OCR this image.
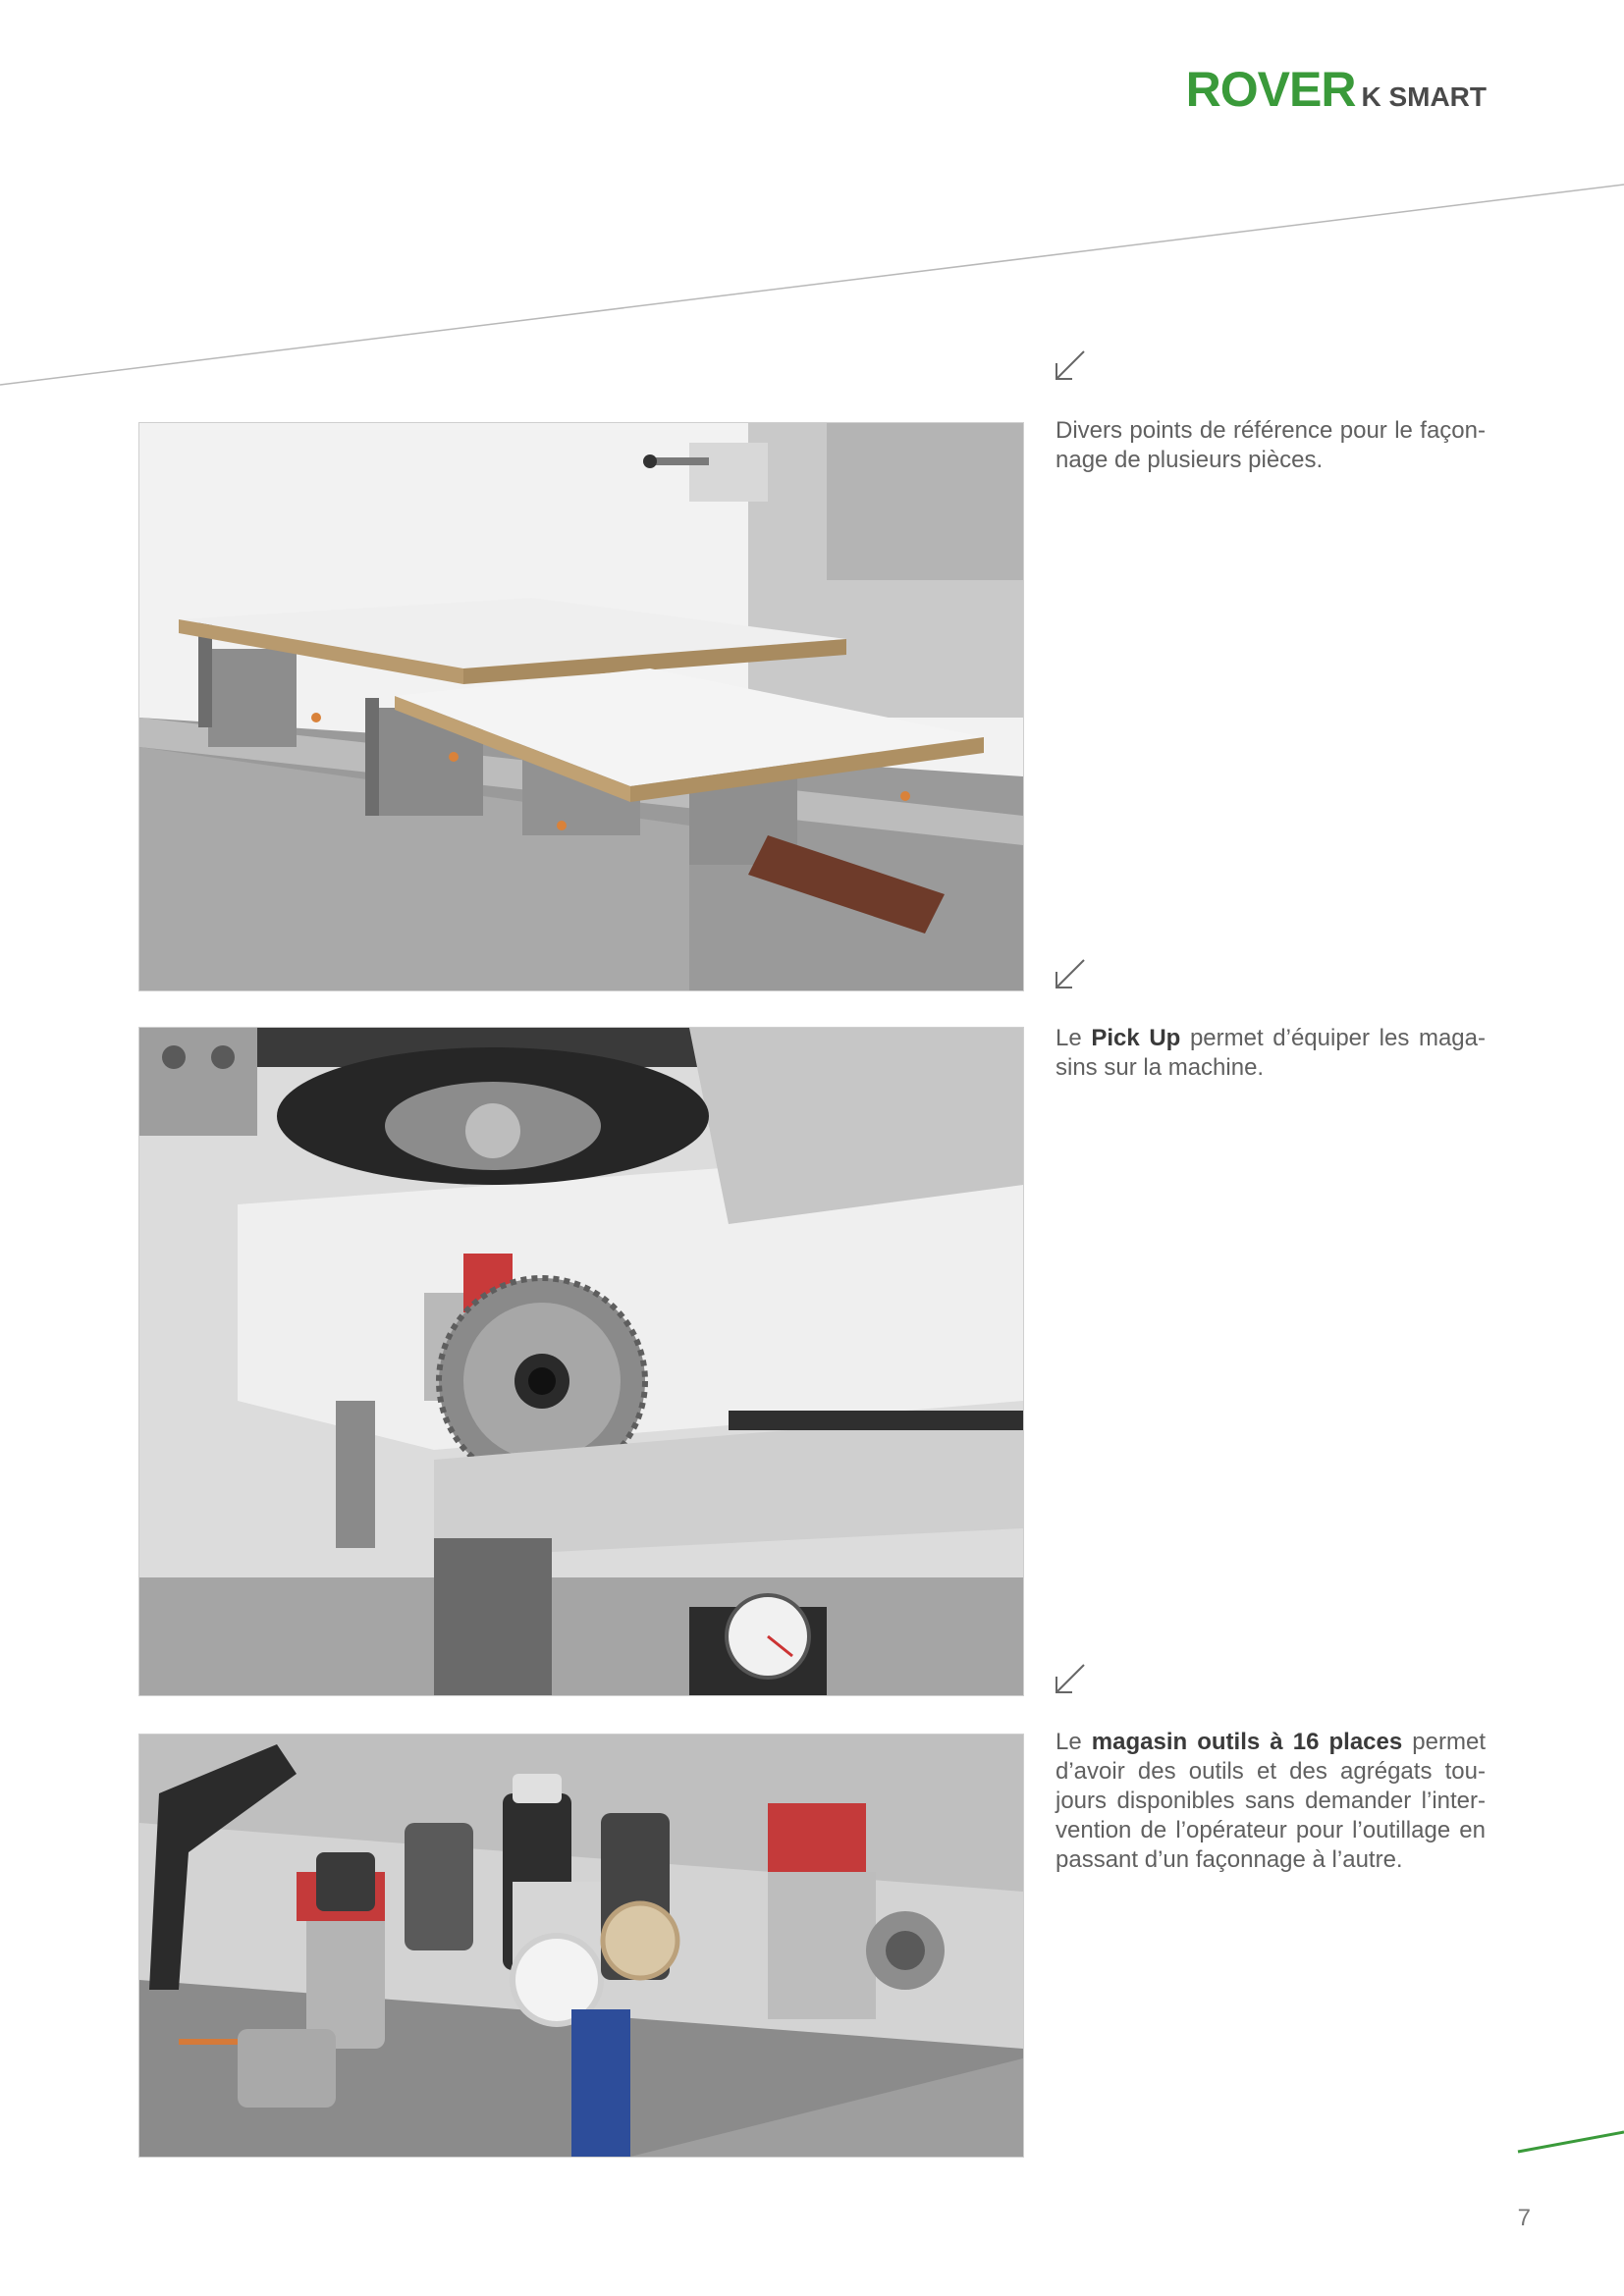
ROVER K SMART
Divers points de référence pour le façonnage de plusieurs pièces.
Le Pick Up permet d’équiper les magasins sur la machine.
Le magasin outils à 16 places permet d’avoir des outils et des agrégats toujours disponibles sans demander l’intervention de l’opérateur pour l’outillage en passant d’un façonnage à l’autre.
7
